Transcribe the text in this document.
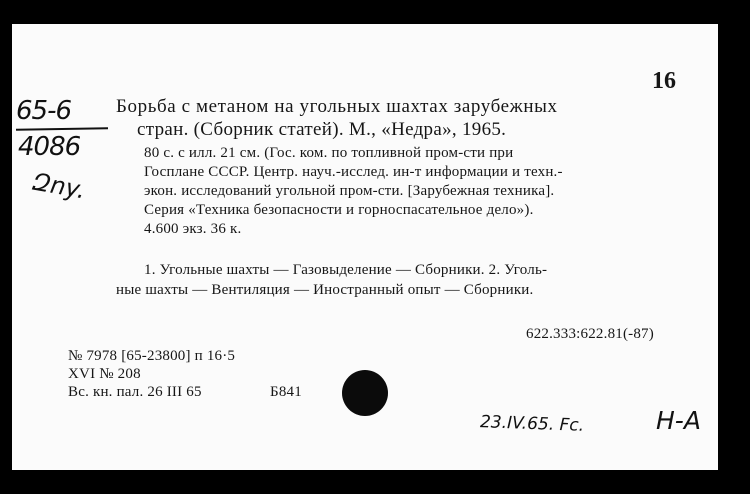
16
65-6
4086
Զny.
Борьба с метаном на угольных шахтах зарубежных
стран. (Сборник статей). М., «Недра», 1965.
80 с. с илл. 21 см. (Гос. ком. по топливной пром-сти при
Госплане СССР. Центр. науч.-исслед. ин-т информации и техн.-
экон. исследований угольной пром-сти. [Зарубежная техника].
Серия «Техника безопасности и горноспасательное дело»).
4.600 экз. 36 к.
1. Угольные шахты — Газовыделение — Сборники. 2. Уголь-
ные шахты — Вентиляция — Иностранный опыт — Сборники.
622.333:622.81(-87)
№ 7978 [65-23800] п 16·5
XVI № 208
Вс. кн. пал. 26 III 65	Б841
23.IV.65. Fc.	Н-А
